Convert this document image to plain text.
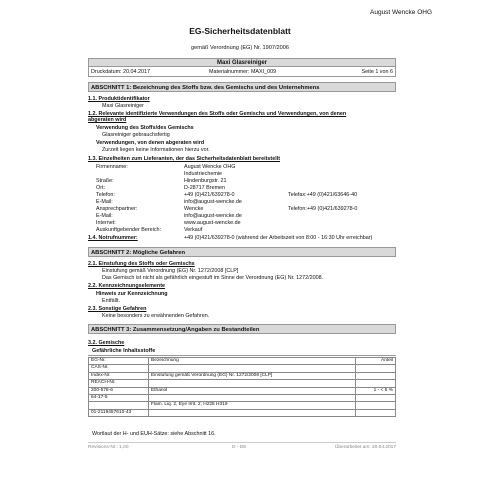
August Wencke OHG
EG-Sicherheitsdatenblatt
gemäß Verordnung (EG) Nr. 1907/2006
Maxi Glasreiniger
Druckdatum: 20.04.2017	Materialnummer: MAXI_009	Seite 1 von 6
ABSCHNITT 1: Bezeichnung des Stoffs bzw. des Gemischs und des Unternehmens
1.1. Produktidentifikator
Maxi Glasreiniger
1.2. Relevante identifizierte Verwendungen des Stoffs oder Gemischs und Verwendungen, von denen
abgeraten wird
Verwendung des Stoffs/des Gemischs
Glasreiniger gebrauchsfertig
Verwendungen, von denen abgeraten wird
Zurzeit liegen keine Informationen hierzu vor.
1.3. Einzelheiten zum Lieferanten, der das Sicherheitsdatenblatt bereitstellt
Firmenname:	August Wencke OHG
Industriechemie
Straße:	Hindenburgstr. 21
Ort:	D-28717 Bremen
Telefon:	+49 (0)421/639278-0	Telefax:+49 (0)421/63646-40
E-Mail:	info@august-wencke.de
Ansprechpartner:	Wencke	Telefon:+49 (0)421/639278-0
E-Mail:	info@august-wencke.de
Internet:	www.august-wencke.de
Auskunftgebender Bereich:	Verkauf
1.4. Notrufnummer:	+49 (0)421/639278-0 (während der Arbeitszeit von 8:00 - 16:30 Uhr erreichbar)
ABSCHNITT 2: Mögliche Gefahren
2.1. Einstufung des Stoffs oder Gemischs
Einstufung gemäß Verordnung (EG) Nr. 1272/2008 [CLP]
Das Gemisch ist nicht als gefährlich eingestuft im Sinne der Verordnung (EG) Nr. 1272/2008.
2.2. Kennzeichnungselemente
Hinweis zur Kennzeichnung
Entfällt.
2.3. Sonstige Gefahren
Keine besonders zu erwähnenden Gefahren.
ABSCHNITT 3: Zusammensetzung/Angaben zu Bestandteilen
3.2. Gemische
Gefährliche Inhaltsstoffe
EG-Nr.	Bezeichnung	Anteil
CAS-Nr.		
Index-Nr.	Einstufung gemäß Verordnung (EG) Nr. 1272/2008 [CLP]	
REACH-Nr.		
200-578-6	Ethanol	1 - < 5 %
64-17-5		
	Flam. Liq. 2, Eye Irrit. 2; H225 H319	
01-2119457610-43		
Wortlaut der H- und EUH-Sätze: siehe Abschnitt 16.
Revisions-Nr.: 1,00	D - DE	Überarbeitet am: 20.04.2017
